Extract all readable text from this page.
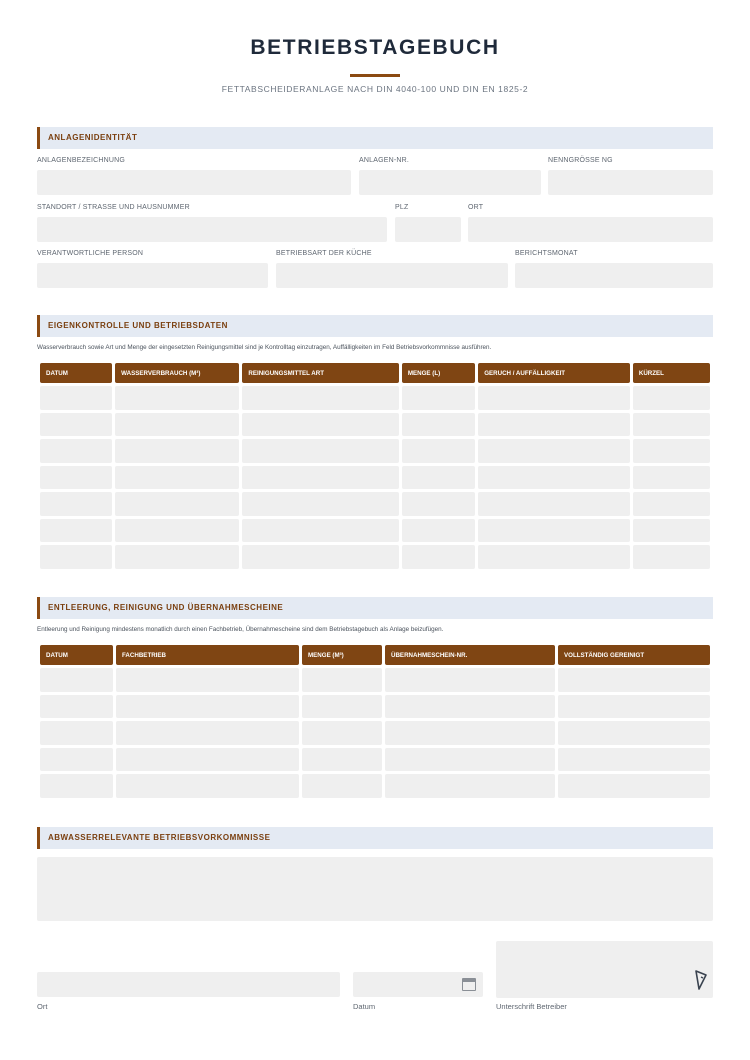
BETRIEBSTAGEBUCH
FETTABSCHEIDERANLAGE NACH DIN 4040-100 UND DIN EN 1825-2
ANLAGENIDENTITÄT
ANLAGENBEZEICHNUNG	ANLAGEN-NR.	NENNGRÖSSE NG
STANDORT / STRASSE UND HAUSNUMMER	PLZ	ORT
VERANTWORTLICHE PERSON	BETRIEBSART DER KÜCHE	BERICHTSMONAT
EIGENKONTROLLE UND BETRIEBSDATEN
Wasserverbrauch sowie Art und Menge der eingesetzten Reinigungsmittel sind je Kontrolltag einzutragen, Auffälligkeiten im Feld Betriebsvorkommnisse ausführen.
DATUM	WASSERVERBRAUCH (M³)	REINIGUNGSMITTEL ART	MENGE (L)	GERUCH / AUFFÄLLIGKEIT	KÜRZEL

ENTLEERUNG, REINIGUNG UND ÜBERNAHMESCHEINE
Entleerung und Reinigung mindestens monatlich durch einen Fachbetrieb, Übernahmescheine sind dem Betriebstagebuch als Anlage beizufügen.
DATUM	FACHBETRIEB	MENGE (M³)	ÜBERNAHMESCHEIN-NR.	VOLLSTÄNDIG GEREINIGT

ABWASSERRELEVANTE BETRIEBSVORKOMMNISSE
Ort	Datum	Unterschrift Betreiber
